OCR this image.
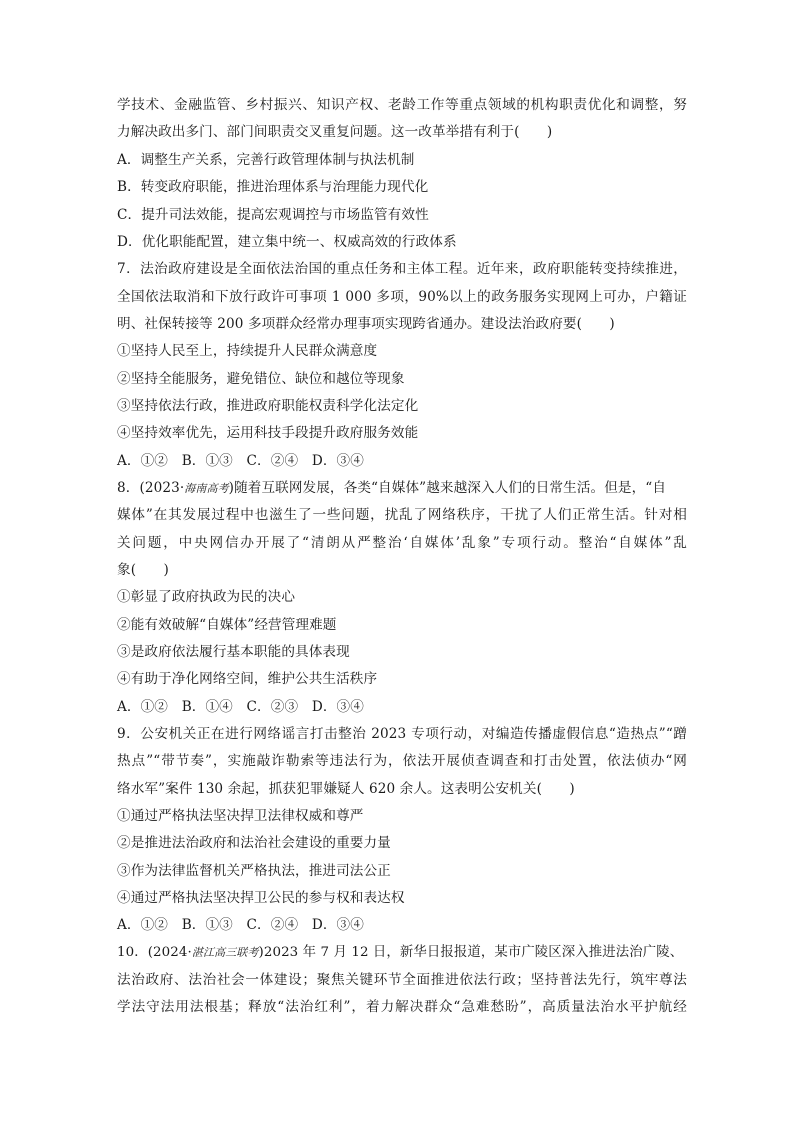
学技术、金融监管、乡村振兴、知识产权、老龄工作等重点领域的机构职责优化和调整，努
力解决政出多门、部门间职责交叉重复问题。这一改革举措有利于(　　)
A．调整生产关系，完善行政管理体制与执法机制
B．转变政府职能，推进治理体系与治理能力现代化
C．提升司法效能，提高宏观调控与市场监管有效性
D．优化职能配置，建立集中统一、权威高效的行政体系
7．法治政府建设是全面依法治国的重点任务和主体工程。近年来，政府职能转变持续推进，
全国依法取消和下放行政许可事项 1 000 多项，90%以上的政务服务实现网上可办，户籍证
明、社保转接等 200 多项群众经常办理事项实现跨省通办。建设法治政府要(　　)
①坚持人民至上，持续提升人民群众满意度
②坚持全能服务，避免错位、缺位和越位等现象
③坚持依法行政，推进政府职能权责科学化法定化
④坚持效率优先，运用科技手段提升政府服务效能
A．①②　B．①③　C．②④　D．③④
8．(2023·海南高考)随着互联网发展，各类“自媒体”越来越深入人们的日常生活。但是，“自
媒体”在其发展过程中也滋生了一些问题，扰乱了网络秩序，干扰了人们正常生活。针对相
关问题，中央网信办开展了“清朗从严整治‘自媒体’乱象”专项行动。整治“自媒体”乱
象(　　)
①彰显了政府执政为民的决心
②能有效破解“自媒体”经营管理难题
③是政府依法履行基本职能的具体表现
④有助于净化网络空间，维护公共生活秩序
A．①②　B．①④　C．②③　D．③④
9．公安机关正在进行网络谣言打击整治 2023 专项行动，对编造传播虚假信息“造热点”“蹭
热点”“带节奏”，实施敲诈勒索等违法行为，依法开展侦查调查和打击处置，依法侦办“网
络水军”案件 130 余起，抓获犯罪嫌疑人 620 余人。这表明公安机关(　　)
①通过严格执法坚决捍卫法律权威和尊严
②是推进法治政府和法治社会建设的重要力量
③作为法律监督机关严格执法，推进司法公正
④通过严格执法坚决捍卫公民的参与权和表达权
A．①②　B．①③　C．②④　D．③④
10．(2024·湛江高三联考)2023 年 7 月 12 日，新华日报报道，某市广陵区深入推进法治广陵、
法治政府、法治社会一体建设；聚焦关键环节全面推进依法行政；坚持普法先行，筑牢尊法
学法守法用法根基；释放“法治红利”，着力解决群众“急难愁盼”，高质量法治水平护航经
